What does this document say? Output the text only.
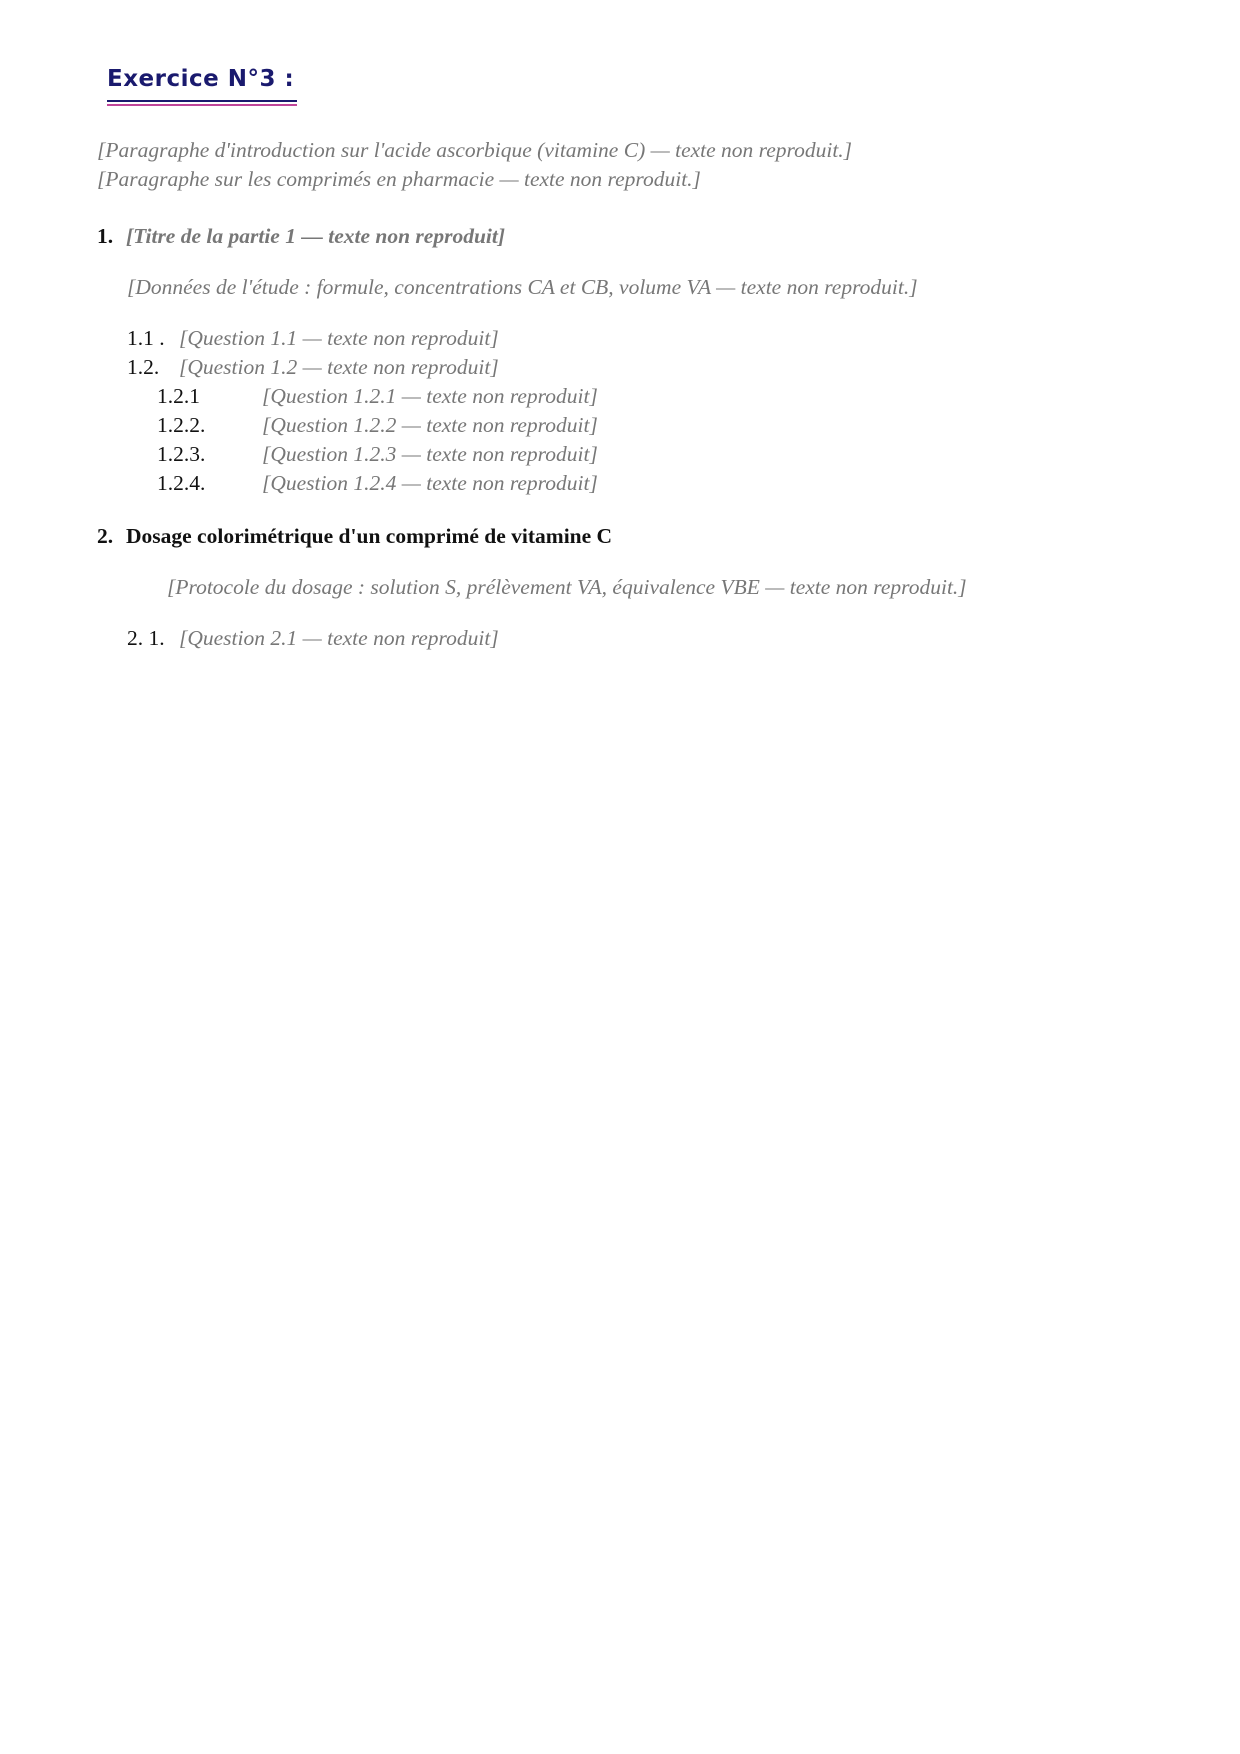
Exercice N°3 :

[Paragraphe d'introduction sur l'acide ascorbique (vitamine C) — texte non reproduit.]

[Paragraphe sur les comprimés en pharmacie — texte non reproduit.]

1. [Titre de la partie 1 — texte non reproduit]

[Données de l'étude : formule, concentrations CA et CB, volume VA — texte non reproduit.]

1.1 . [Question 1.1 — texte non reproduit]
1.2. [Question 1.2 — texte non reproduit]
1.2.1	[Question 1.2.1 — texte non reproduit]
1.2.2.	[Question 1.2.2 — texte non reproduit]
1.2.3.	[Question 1.2.3 — texte non reproduit]
1.2.4.	[Question 1.2.4 — texte non reproduit]
2. Dosage colorimétrique d'un comprimé de vitamine C

[Protocole du dosage : solution S, prélèvement VA, équivalence VBE — texte non reproduit.]

2. 1. [Question 2.1 — texte non reproduit]
